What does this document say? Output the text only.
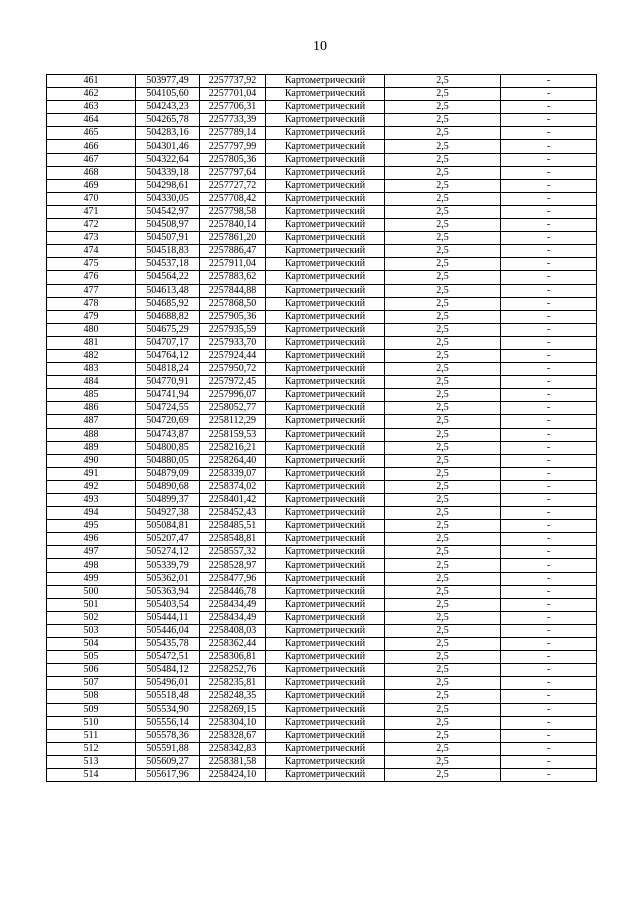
10
461	503977,49	2257737,92	Картометрический	2,5	-
462	504105,60	2257701,04	Картометрический	2,5	-
463	504243,23	2257706,31	Картометрический	2,5	-
464	504265,78	2257733,39	Картометрический	2,5	-
465	504283,16	2257789,14	Картометрический	2,5	-
466	504301,46	2257797,99	Картометрический	2,5	-
467	504322,64	2257805,36	Картометрический	2,5	-
468	504339,18	2257797,64	Картометрический	2,5	-
469	504298,61	2257727,72	Картометрический	2,5	-
470	504330,05	2257708,42	Картометрический	2,5	-
471	504542,97	2257798,58	Картометрический	2,5	-
472	504508,97	2257840,14	Картометрический	2,5	-
473	504507,91	2257861,20	Картометрический	2,5	-
474	504518,83	2257886,47	Картометрический	2,5	-
475	504537,18	2257911,04	Картометрический	2,5	-
476	504564,22	2257883,62	Картометрический	2,5	-
477	504613,48	2257844,88	Картометрический	2,5	-
478	504685,92	2257868,50	Картометрический	2,5	-
479	504688,82	2257905,36	Картометрический	2,5	-
480	504675,29	2257935,59	Картометрический	2,5	-
481	504707,17	2257933,70	Картометрический	2,5	-
482	504764,12	2257924,44	Картометрический	2,5	-
483	504818,24	2257950,72	Картометрический	2,5	-
484	504770,91	2257972,45	Картометрический	2,5	-
485	504741,94	2257996,07	Картометрический	2,5	-
486	504724,55	2258052,77	Картометрический	2,5	-
487	504720,69	2258112,29	Картометрический	2,5	-
488	504743,87	2258159,53	Картометрический	2,5	-
489	504800,85	2258216,21	Картометрический	2,5	-
490	504880,05	2258264,40	Картометрический	2,5	-
491	504879,09	2258339,07	Картометрический	2,5	-
492	504890,68	2258374,02	Картометрический	2,5	-
493	504899,37	2258401,42	Картометрический	2,5	-
494	504927,38	2258452,43	Картометрический	2,5	-
495	505084,81	2258485,51	Картометрический	2,5	-
496	505207,47	2258548,81	Картометрический	2,5	-
497	505274,12	2258557,32	Картометрический	2,5	-
498	505339,79	2258528,97	Картометрический	2,5	-
499	505362,01	2258477,96	Картометрический	2,5	-
500	505363,94	2258446,78	Картометрический	2,5	-
501	505403,54	2258434,49	Картометрический	2,5	-
502	505444,11	2258434,49	Картометрический	2,5	-
503	505446,04	2258408,03	Картометрический	2,5	-
504	505435,78	2258362,44	Картометрический	2,5	-
505	505472,51	2258306,81	Картометрический	2,5	-
506	505484,12	2258252,76	Картометрический	2,5	-
507	505496,01	2258235,81	Картометрический	2,5	-
508	505518,48	2258248,35	Картометрический	2,5	-
509	505534,90	2258269,15	Картометрический	2,5	-
510	505556,14	2258304,10	Картометрический	2,5	-
511	505578,36	2258328,67	Картометрический	2,5	-
512	505591,88	2258342,83	Картометрический	2,5	-
513	505609,27	2258381,58	Картометрический	2,5	-
514	505617,96	2258424,10	Картометрический	2,5	-
